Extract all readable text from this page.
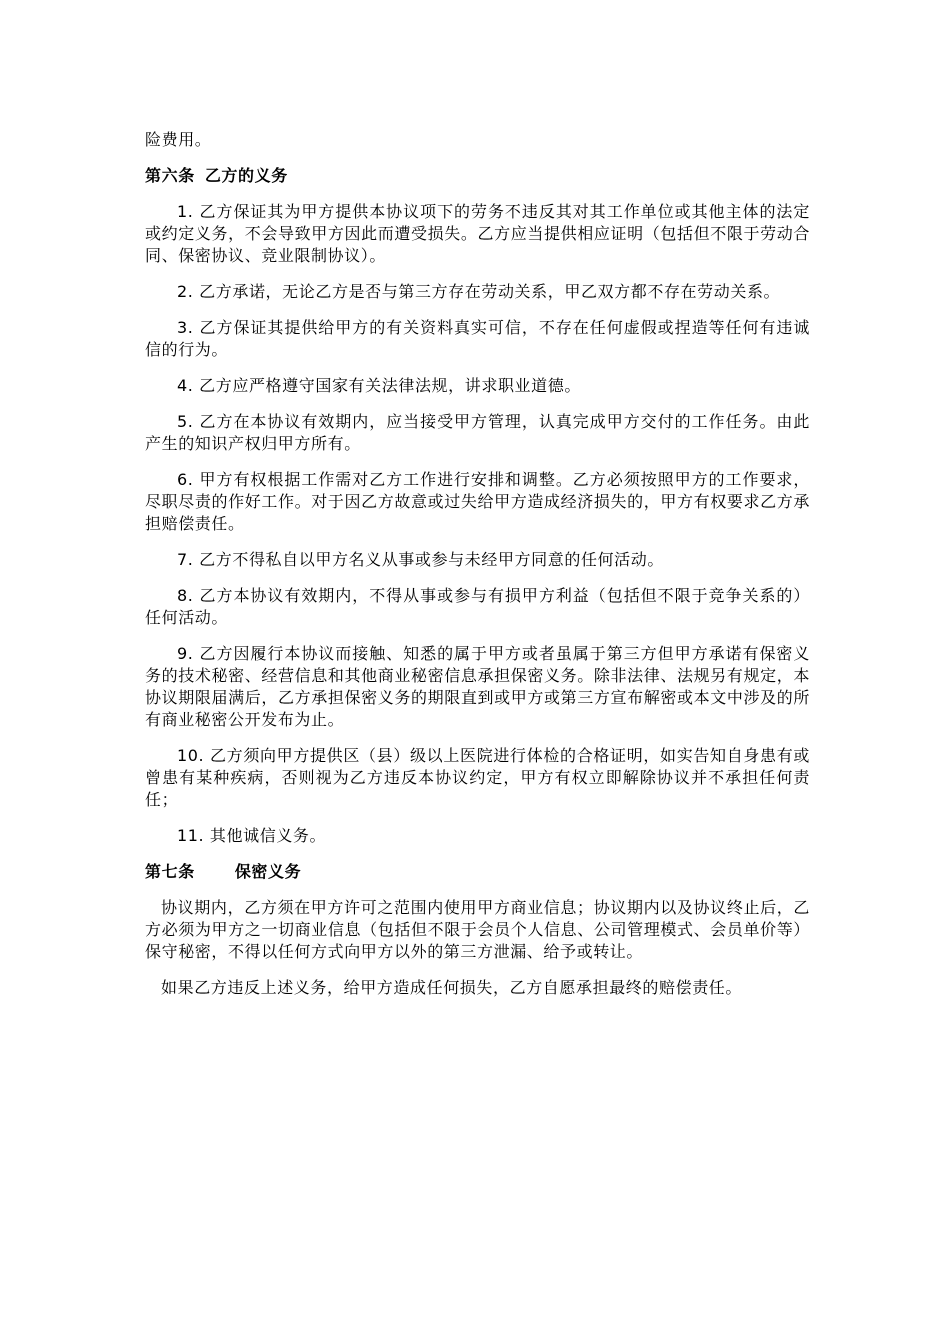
险费用。

第六条 乙方的义务

1. 乙方保证其为甲方提供本协议项下的劳务不违反其对其工作单位或其他主体的法定或约定义务，不会导致甲方因此而遭受损失。乙方应当提供相应证明（包括但不限于劳动合同、保密协议、竞业限制协议）。

2. 乙方承诺，无论乙方是否与第三方存在劳动关系，甲乙双方都不存在劳动关系。

3. 乙方保证其提供给甲方的有关资料真实可信，不存在任何虚假或捏造等任何有违诚信的行为。

4. 乙方应严格遵守国家有关法律法规，讲求职业道德。

5. 乙方在本协议有效期内，应当接受甲方管理，认真完成甲方交付的工作任务。由此产生的知识产权归甲方所有。

6. 甲方有权根据工作需对乙方工作进行安排和调整。乙方必须按照甲方的工作要求，尽职尽责的作好工作。对于因乙方故意或过失给甲方造成经济损失的，甲方有权要求乙方承担赔偿责任。

7. 乙方不得私自以甲方名义从事或参与未经甲方同意的任何活动。

8. 乙方本协议有效期内，不得从事或参与有损甲方利益（包括但不限于竞争关系的）任何活动。

9. 乙方因履行本协议而接触、知悉的属于甲方或者虽属于第三方但甲方承诺有保密义务的技术秘密、经营信息和其他商业秘密信息承担保密义务。除非法律、法规另有规定，本协议期限届满后，乙方承担保密义务的期限直到或甲方或第三方宣布解密或本文中涉及的所有商业秘密公开发布为止。

10. 乙方须向甲方提供区（县）级以上医院进行体检的合格证明，如实告知自身患有或曾患有某种疾病，否则视为乙方违反本协议约定，甲方有权立即解除协议并不承担任何责任；

11. 其他诚信义务。

第七条	保密义务

协议期内，乙方须在甲方许可之范围内使用甲方商业信息；协议期内以及协议终止后，乙方必须为甲方之一切商业信息（包括但不限于会员个人信息、公司管理模式、会员单价等）保守秘密，不得以任何方式向甲方以外的第三方泄漏、给予或转让。

如果乙方违反上述义务，给甲方造成任何损失，乙方自愿承担最终的赔偿责任。
